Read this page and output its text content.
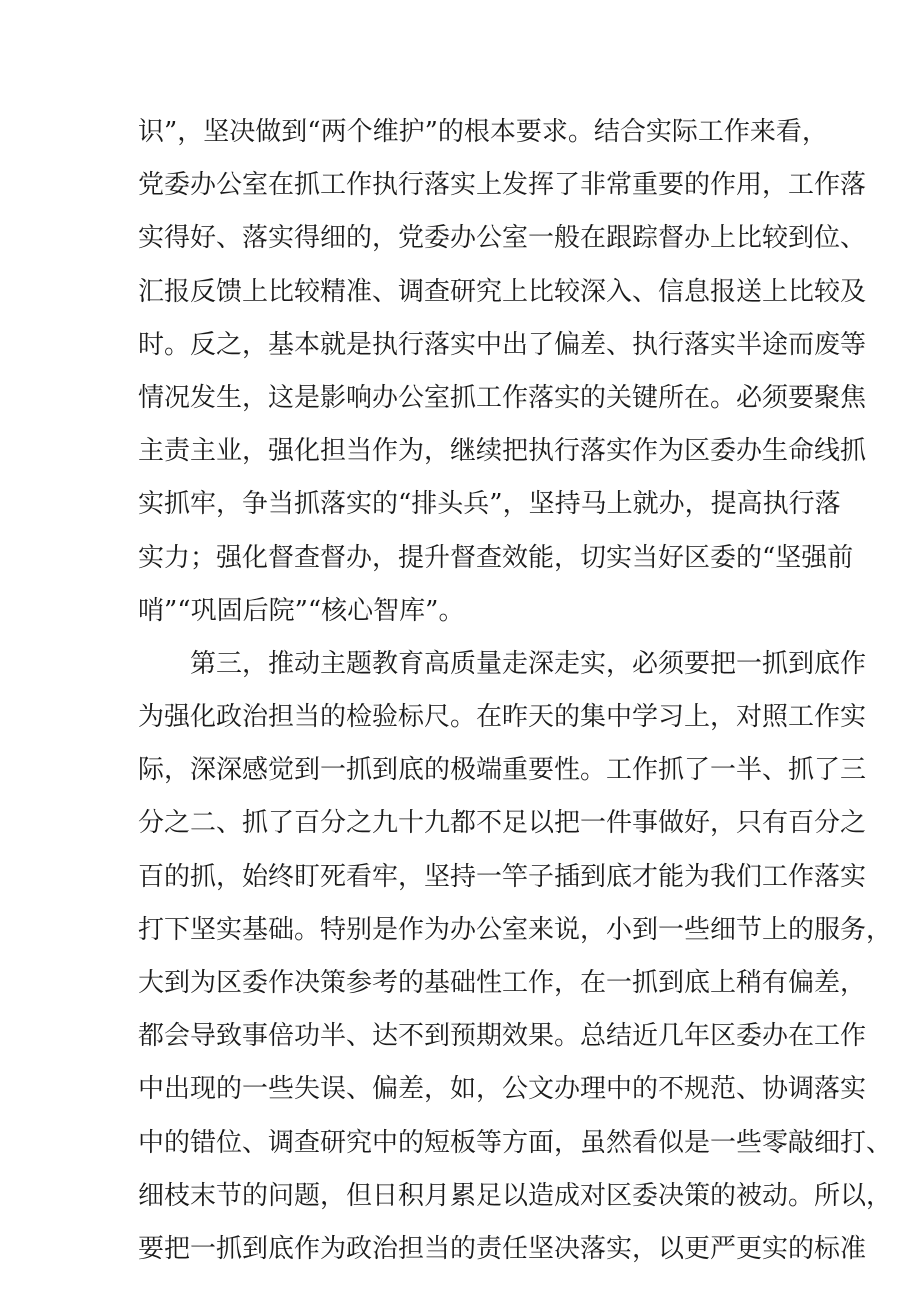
识”，坚决做到“两个维护”的根本要求。结合实际工作来看，
党委办公室在抓工作执行落实上发挥了非常重要的作用，工作落
实得好、落实得细的，党委办公室一般在跟踪督办上比较到位、
汇报反馈上比较精准、调查研究上比较深入、信息报送上比较及
时。反之，基本就是执行落实中出了偏差、执行落实半途而废等
情况发生，这是影响办公室抓工作落实的关键所在。必须要聚焦
主责主业，强化担当作为，继续把执行落实作为区委办生命线抓
实抓牢，争当抓落实的“排头兵”，坚持马上就办，提高执行落
实力；强化督查督办，提升督查效能，切实当好区委的“坚强前
哨”“巩固后院”“核心智库”。
第三，推动主题教育高质量走深走实，必须要把一抓到底作
为强化政治担当的检验标尺。在昨天的集中学习上，对照工作实
际，深深感觉到一抓到底的极端重要性。工作抓了一半、抓了三
分之二、抓了百分之九十九都不足以把一件事做好，只有百分之
百的抓，始终盯死看牢，坚持一竿子插到底才能为我们工作落实
打下坚实基础。特别是作为办公室来说，小到一些细节上的服务，
大到为区委作决策参考的基础性工作，在一抓到底上稍有偏差，
都会导致事倍功半、达不到预期效果。总结近几年区委办在工作
中出现的一些失误、偏差，如，公文办理中的不规范、协调落实
中的错位、调查研究中的短板等方面，虽然看似是一些零敲细打、
细枝末节的问题，但日积月累足以造成对区委决策的被动。所以，
要把一抓到底作为政治担当的责任坚决落实，以更严更实的标准
